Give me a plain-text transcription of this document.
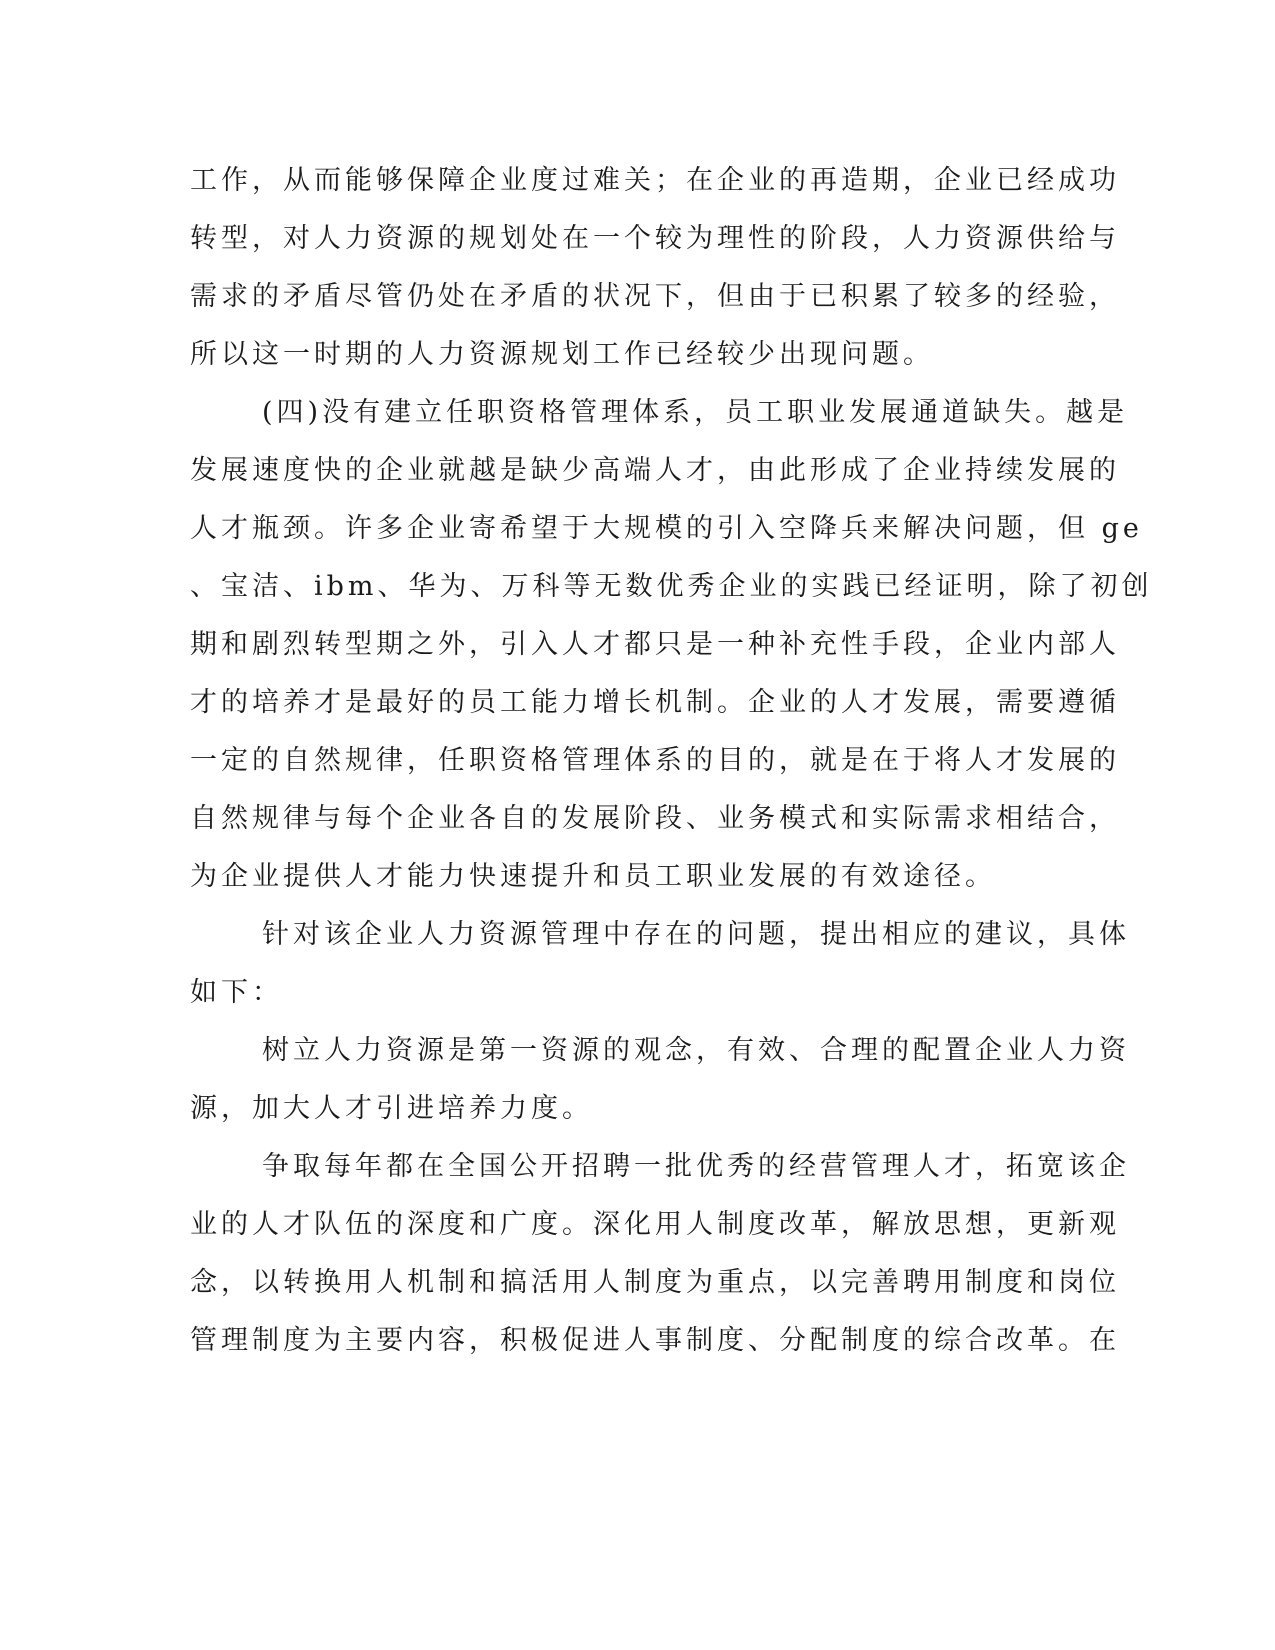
工作，从而能够保障企业度过难关；在企业的再造期，企业已经成功
转型，对人力资源的规划处在一个较为理性的阶段，人力资源供给与
需求的矛盾尽管仍处在矛盾的状况下，但由于已积累了较多的经验，
所以这一时期的人力资源规划工作已经较少出现问题。
(四)没有建立任职资格管理体系，员工职业发展通道缺失。越是
发展速度快的企业就越是缺少高端人才，由此形成了企业持续发展的
人才瓶颈。许多企业寄希望于大规模的引入空降兵来解决问题，但 ge
、宝洁、ibm、华为、万科等无数优秀企业的实践已经证明，除了初创
期和剧烈转型期之外，引入人才都只是一种补充性手段，企业内部人
才的培养才是最好的员工能力增长机制。企业的人才发展，需要遵循
一定的自然规律，任职资格管理体系的目的，就是在于将人才发展的
自然规律与每个企业各自的发展阶段、业务模式和实际需求相结合，
为企业提供人才能力快速提升和员工职业发展的有效途径。
针对该企业人力资源管理中存在的问题，提出相应的建议，具体
如下：
树立人力资源是第一资源的观念，有效、合理的配置企业人力资
源，加大人才引进培养力度。
争取每年都在全国公开招聘一批优秀的经营管理人才，拓宽该企
业的人才队伍的深度和广度。深化用人制度改革，解放思想，更新观
念，以转换用人机制和搞活用人制度为重点，以完善聘用制度和岗位
管理制度为主要内容，积极促进人事制度、分配制度的综合改革。在
